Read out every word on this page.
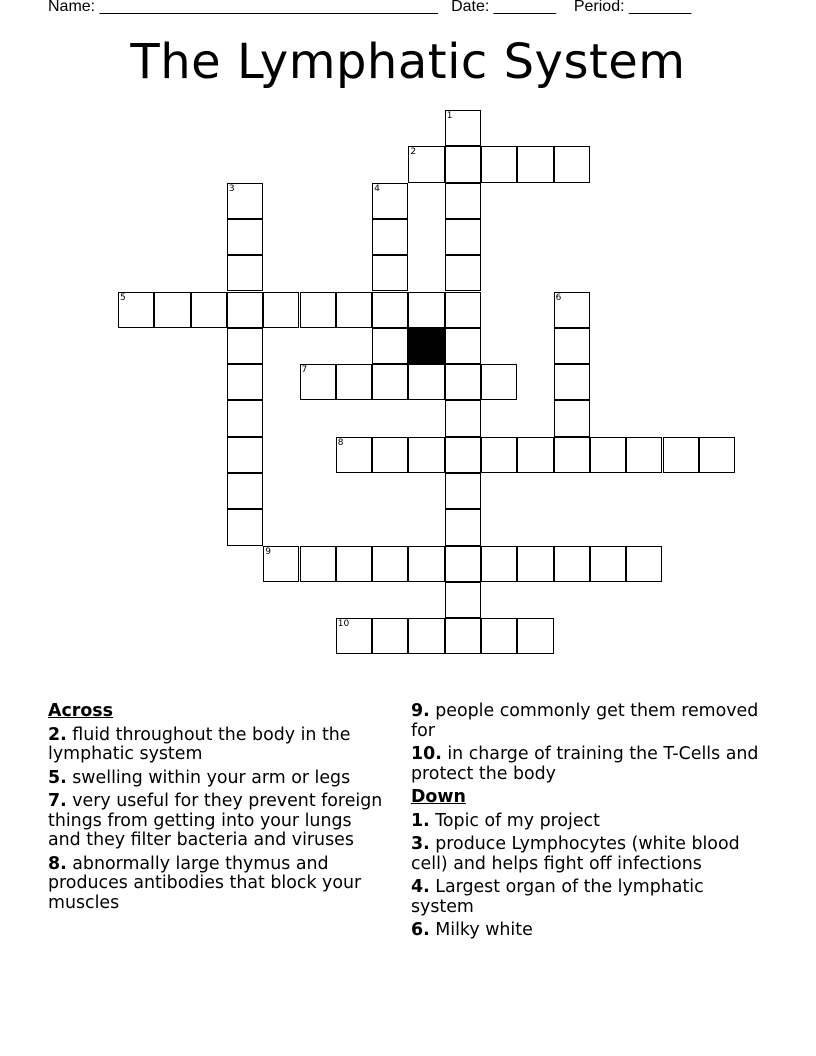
Name: ______________________________________ Date: _______ Period: _______
The Lymphatic System
1
2
3	4
5	6
7
8
9
10
Across
2. fluid throughout the body in the lymphatic system
5. swelling within your arm or legs
7. very useful for they prevent foreign things from getting into your lungs and they filter bacteria and viruses
8. abnormally large thymus and produces antibodies that block your muscles
9. people commonly get them removed for
10. in charge of training the T-Cells and protect the body
Down
1. Topic of my project
3. produce Lymphocytes (white blood cell) and helps fight off infections
4. Largest organ of the lymphatic system
6. Milky white
